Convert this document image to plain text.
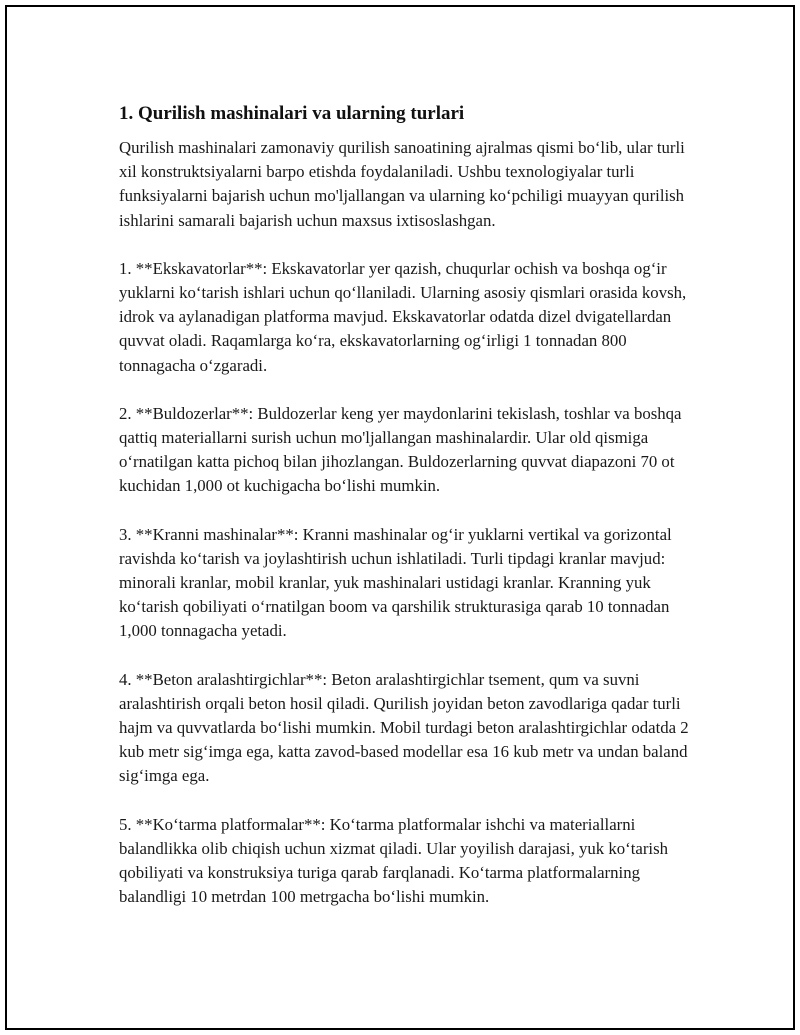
1. Qurilish mashinalari va ularning turlari

Qurilish mashinalari zamonaviy qurilish sanoatining ajralmas qismi bo‘lib, ular turli xil konstruktsiyalarni barpo etishda foydalaniladi. Ushbu texnologiyalar turli funksiyalarni bajarish uchun mo'ljallangan va ularning ko‘pchiligi muayyan qurilish ishlarini samarali bajarish uchun maxsus ixtisoslashgan.

1. **Ekskavatorlar**: Ekskavatorlar yer qazish, chuqurlar ochish va boshqa og‘ir yuklarni ko‘tarish ishlari uchun qo‘llaniladi. Ularning asosiy qismlari orasida kovsh, idrok va aylanadigan platforma mavjud. Ekskavatorlar odatda dizel dvigatellardan quvvat oladi. Raqamlarga ko‘ra, ekskavatorlarning og‘irligi 1 tonnadan 800 tonnagacha o‘zgaradi.

2. **Buldozerlar**: Buldozerlar keng yer maydonlarini tekislash, toshlar va boshqa qattiq materiallarni surish uchun mo'ljallangan mashinalardir. Ular old qismiga o‘rnatilgan katta pichoq bilan jihozlangan. Buldozerlarning quvvat diapazoni 70 ot kuchidan 1,000 ot kuchigacha bo‘lishi mumkin.

3. **Kranni mashinalar**: Kranni mashinalar og‘ir yuklarni vertikal va gorizontal ravishda ko‘tarish va joylashtirish uchun ishlatiladi. Turli tipdagi kranlar mavjud: minorali kranlar, mobil kranlar, yuk mashinalari ustidagi kranlar. Kranning yuk ko‘tarish qobiliyati o‘rnatilgan boom va qarshilik strukturasiga qarab 10 tonnadan 1,000 tonnagacha yetadi.

4. **Beton aralashtirgichlar**: Beton aralashtirgichlar tsement, qum va suvni aralashtirish orqali beton hosil qiladi. Qurilish joyidan beton zavodlariga qadar turli hajm va quvvatlarda bo‘lishi mumkin. Mobil turdagi beton aralashtirgichlar odatda 2 kub metr sig‘imga ega, katta zavod-based modellar esa 16 kub metr va undan baland sig‘imga ega.

5. **Ko‘tarma platformalar**: Ko‘tarma platformalar ishchi va materiallarni balandlikka olib chiqish uchun xizmat qiladi. Ular yoyilish darajasi, yuk ko‘tarish qobiliyati va konstruksiya turiga qarab farqlanadi. Ko‘tarma platformalarning balandligi 10 metrdan 100 metrgacha bo‘lishi mumkin.
